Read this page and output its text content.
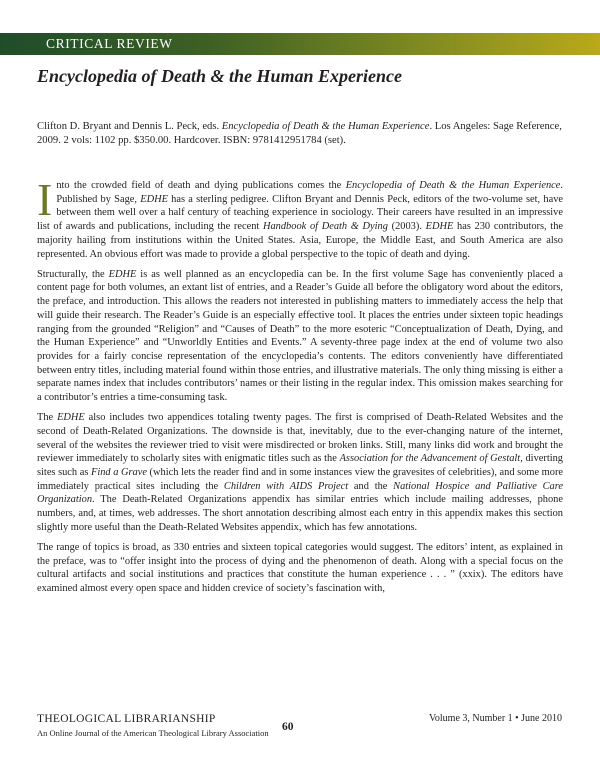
CRITICAL REVIEW
Encyclopedia of Death & the Human Experience
Clifton D. Bryant and Dennis L. Peck, eds. Encyclopedia of Death & the Human Experience. Los Angeles: Sage Reference, 2009. 2 vols: 1102 pp. $350.00. Hardcover. ISBN: 9781412951784 (set).

Into the crowded field of death and dying publications comes the Encyclopedia of Death & the Human Experience. Published by Sage, EDHE has a sterling pedigree. Clifton Bryant and Dennis Peck, editors of the two-volume set, have between them well over a half century of teaching experience in sociology. Their careers have resulted in an impressive list of awards and publications, including the recent Handbook of Death & Dying (2003). EDHE has 230 contributors, the majority hailing from institutions within the United States. Asia, Europe, the Middle East, and South America are also represented. An obvious effort was made to provide a global perspective to the topic of death and dying.

Structurally, the EDHE is as well planned as an encyclopedia can be. In the first volume Sage has conveniently placed a content page for both volumes, an extant list of entries, and a Reader’s Guide all before the obligatory word about the editors, the preface, and introduction. This allows the readers not interested in publishing matters to immediately access the help that will guide their research. The Reader’s Guide is an especially effective tool. It places the entries under sixteen topic headings ranging from the grounded “Religion” and “Causes of Death” to the more esoteric “Conceptualization of Death, Dying, and the Human Experience” and “Unworldly Entities and Events.” A seventy-three page index at the end of volume two also provides for a fairly concise representation of the encyclopedia’s contents. The editors conveniently have differentiated between entry titles, including material found within those entries, and illustrative materials. The only thing missing is either a separate names index that includes contributors’ names or their listing in the regular index. This omission makes searching for a contributor’s entries a time-consuming task.

The EDHE also includes two appendices totaling twenty pages. The first is comprised of Death-Related Websites and the second of Death-Related Organizations. The downside is that, inevitably, due to the ever-changing nature of the internet, several of the websites the reviewer tried to visit were misdirected or broken links. Still, many links did work and brought the reviewer immediately to scholarly sites with enigmatic titles such as the Association for the Advancement of Gestalt, diverting sites such as Find a Grave (which lets the reader find and in some instances view the gravesites of celebrities), and some more immediately practical sites including the Children with AIDS Project and the National Hospice and Palliative Care Organization. The Death-Related Organizations appendix has similar entries which include mailing addresses, phone numbers, and, at times, web addresses. The short annotation describing almost each entry in this appendix makes this section slightly more useful than the Death-Related Websites appendix, which has few annotations.

The range of topics is broad, as 330 entries and sixteen topical categories would suggest. The editors’ intent, as explained in the preface, was to “offer insight into the process of dying and the phenomenon of death. Along with a special focus on the cultural artifacts and social institutions and practices that constitute the human experience . . . ” (xxix). The editors have examined almost every open space and hidden crevice of society’s fascination with,

THEOLOGICAL LIBRARIANSHIP
An Online Journal of the American Theological Library Association 60
Volume 3, Number 1 • June 2010
